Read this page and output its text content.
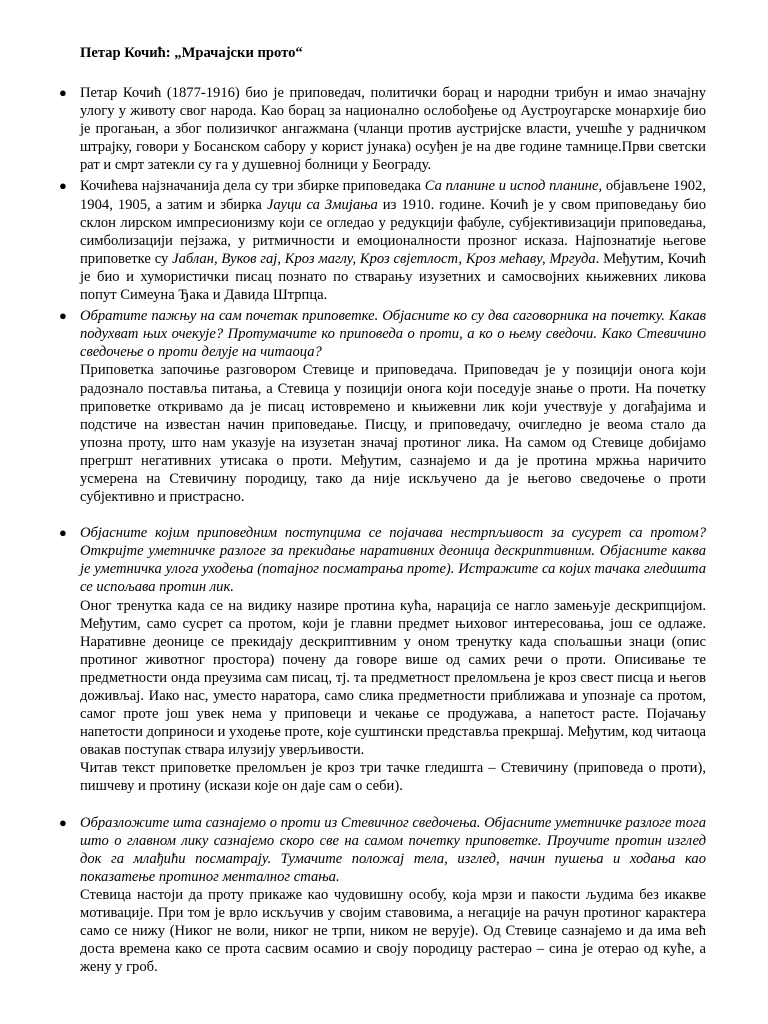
Петар Кочић: „Мрачајски прото“
● Петар Кочић (1877-1916) био је приповедач, политички борац и народни трибун и имао значајну улогу у животу свог народа. Као борац за национално ослобођење од Аустроугарске монархије био је прогањан, а због полизичког ангажмана (чланци против аустријске власти, учешће у радничком штрајку, говори у Босанском сабору у корист јунака) осуђен је на две године тамнице.Први светски рат и смрт затекли су га у душевној болници у Београду.

● Кочићева најзначанија дела су три збирке приповедака Са планине и испод планине, објављене 1902, 1904, 1905, а затим и збирка Јауци са Змијања из 1910. године. Кочић је у свом приповедању био склон лирском импресионизму који се огледао у редукцији фабуле, субјективизацији приповедања, симболизацији пејзажа, у ритмичности и емоционалности прозног исказа. Најпознатије његове приповетке су Јаблан, Вуков гај, Кроз маглу, Кроз свјетлост, Кроз мећаву, Мргуда. Међутим, Кочић је био и хумористички писац познато по стварању изузетних и самосвојних књижевних ликова попут Симеуна Ђака и Давида Штрпца.

● Обратите пажњу на сам почетак приповетке. Објасните ко су два саговорника на почетку. Какав подухват њих очекује? Протумачите ко приповеда о проти, а ко о њему сведочи. Како Стевичино сведочење о проти делује на читаоца?

Приповетка започиње разговором Стевице и приповедача. Приповедач је у позицији онога који радознало поставља питања, а Стевица у позицији онога који поседује знање о проти. На почетку приповетке откривамо да је писац истовремено и књижевни лик који учествује у догађајима и подстиче на известан начин приповедање. Писцу, и приповедачу, очигледно је веома стало да упозна проту, што нам указује на изузетан значај протиног лика. На самом од Стевице добијамо прегршт негативних утисака о проти. Међутим, сазнајемо и да је протина мржња наричито усмерена на Стевичину породицу, тако да није искључено да је његово сведочење о проти субјективно и пристрасно.

● Објасните којим приповедним поступцима се појачава нестрпљивост за сусурет са протом? Откријте уметничке разлоге за прекидање наративних деоница дескриптивним. Објасните каква је уметничка улога уходења (потајног посматрања проте). Истражите са којих тачака гледишта се испољава протин лик.

Оног тренутка када се на видику назире протина кућа, нарација се нагло замењује дескрипцијом. Међутим, само сусрет са протом, који је главни предмет њиховог интересовања, још се одлаже. Наративне деонице се прекидају дескриптивним у оном тренутку када спољашњи знаци (опис протиног животног простора) почену да говоре више од самих речи о проти. Описивање те предметности онда преузима сам писац, тј. та предметност преломљена је кроз свест писца и његов доживљај. Иако нас, уместо наратора, само слика предметности приближава и упознаје са протом, самог проте још увек нема у приповеци и чекање се продужава, а напетост расте. Појачању напетости доприноси и уходење проте, које суштински представља прекршај. Међутим, код читаоца овакав поступак ствара илузију уверљивости.

Читав текст приповетке преломљен је кроз три тачке гледишта – Стевичину (приповеда о проти), пишчеву и протину (искази које он даје сам о себи).

● Образложите шта сазнајемо о проти из Стевичног сведочења. Објасните уметничке разлоге тога што о главном лику сазнајемо скоро све на самом почетку приповетке. Проучите протин изглед док га млађићи посматрају. Тумачите положај тела, изглед, начин пушења и ходања као показатење протиног менталног стања.

Стевица настоји да проту прикаже као чудовишну особу, која мрзи и пакости људима без икакве мотивације. При том је врло искључив у својим ставовима, а негације на рачун протиног карактера само се нижу (Никог не воли, никог не трпи, ником не верује). Од Стевице сазнајемо и да има већ доста времена како се прота сасвим осамио и своју породицу растерао – сина је отерао од куће, а жену у гроб.
